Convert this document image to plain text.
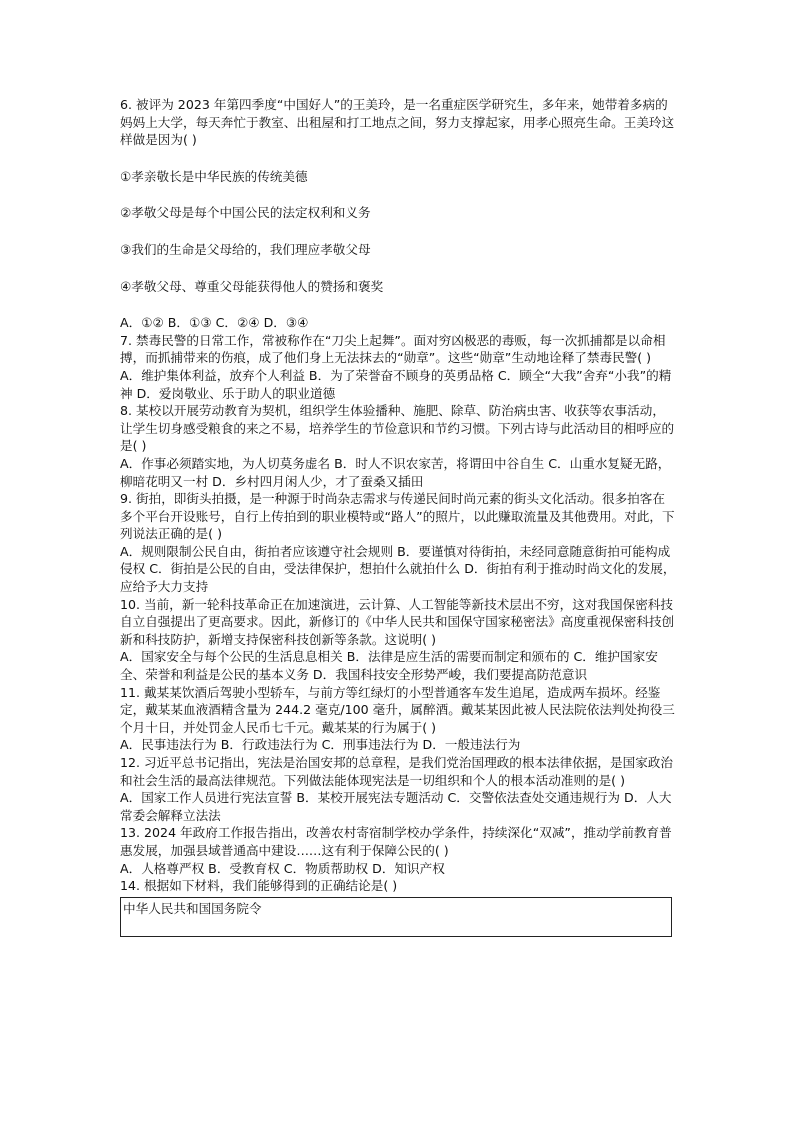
6. 被评为 2023 年第四季度“中国好人”的王美玲，是一名重症医学研究生，多年来，她带着多病的妈妈上大学，每天奔忙于教室、出租屋和打工地点之间，努力支撑起家，用孝心照亮生命。王美玲这样做是因为( )

①孝亲敬长是中华民族的传统美德

②孝敬父母是每个中国公民的法定权利和义务

③我们的生命是父母给的，我们理应孝敬父母

④孝敬父母、尊重父母能获得他人的赞扬和褒奖

A．①② B．①③ C．②④ D．③④

7. 禁毒民警的日常工作，常被称作在“刀尖上起舞”。面对穷凶极恶的毒贩，每一次抓捕都是以命相搏，而抓捕带来的伤痕，成了他们身上无法抹去的“勋章”。这些“勋章”生动地诠释了禁毒民警( )

A．维护集体利益，放弃个人利益 B．为了荣誉奋不顾身的英勇品格 C．顾全“大我”舍弃“小我”的精神 D．爱岗敬业、乐于助人的职业道德

8. 某校以开展劳动教育为契机，组织学生体验播种、施肥、除草、防治病虫害、收获等农事活动，让学生切身感受粮食的来之不易，培养学生的节俭意识和节约习惯。下列古诗与此活动目的相呼应的是( )

A．作事必须踏实地，为人切莫务虚名 B．时人不识农家苦，将谓田中谷自生 C．山重水复疑无路，柳暗花明又一村 D．乡村四月闲人少，才了蚕桑又插田

9. 街拍，即街头拍摄，是一种源于时尚杂志需求与传递民间时尚元素的街头文化活动。很多拍客在多个平台开设账号，自行上传拍到的职业模特或“路人”的照片，以此赚取流量及其他费用。对此，下列说法正确的是( )

A．规则限制公民自由，街拍者应该遵守社会规则 B．要谨慎对待街拍，未经同意随意街拍可能构成侵权 C．街拍是公民的自由，受法律保护，想拍什么就拍什么 D．街拍有利于推动时尚文化的发展，应给予大力支持

10. 当前，新一轮科技革命正在加速演进，云计算、人工智能等新技术层出不穷，这对我国保密科技自立自强提出了更高要求。因此，新修订的《中华人民共和国保守国家秘密法》高度重视保密科技创新和科技防护，新增支持保密科技创新等条款。这说明( )

A．国家安全与每个公民的生活息息相关 B．法律是应生活的需要而制定和颁布的 C．维护国家安全、荣誉和利益是公民的基本义务 D．我国科技安全形势严峻，我们要提高防范意识

11. 戴某某饮酒后驾驶小型轿车，与前方等红绿灯的小型普通客车发生追尾，造成两车损坏。经鉴定，戴某某血液酒精含量为 244.2 毫克/100 毫升，属醉酒。戴某某因此被人民法院依法判处拘役三个月十日，并处罚金人民币七千元。戴某某的行为属于( )

A．民事违法行为 B．行政违法行为 C．刑事违法行为 D．一般违法行为

12. 习近平总书记指出，宪法是治国安邦的总章程，是我们党治国理政的根本法律依据，是国家政治和社会生活的最高法律规范。下列做法能体现宪法是一切组织和个人的根本活动准则的是( )

A．国家工作人员进行宪法宣誓 B．某校开展宪法专题活动 C．交警依法查处交通违规行为 D．人大常委会解释立法法

13. 2024 年政府工作报告指出，改善农村寄宿制学校办学条件，持续深化“双减”，推动学前教育普惠发展，加强县域普通高中建设……这有利于保障公民的( )

A．人格尊严权 B．受教育权 C．物质帮助权 D．知识产权

14. 根据如下材料，我们能够得到的正确结论是( )

中华人民共和国国务院令
